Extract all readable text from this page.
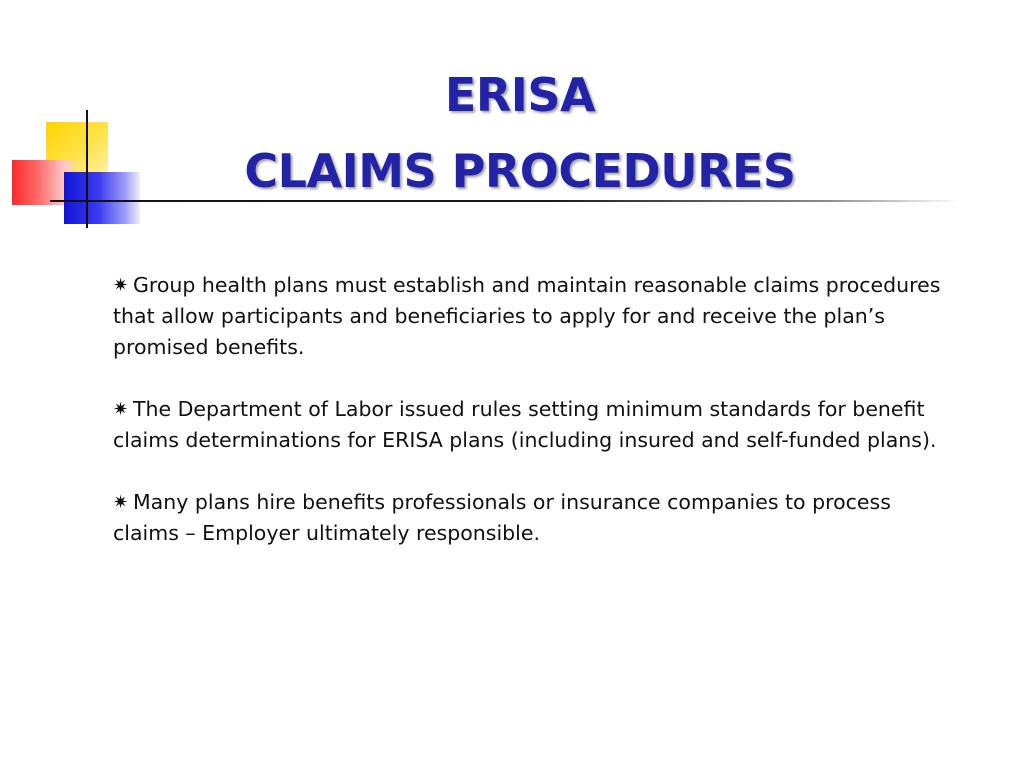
ERISA
CLAIMS PROCEDURES
✷ Group health plans must establish and maintain reasonable claims procedures that allow participants and beneficiaries to apply for and receive the plan’s promised benefits.
✷ The Department of Labor issued rules setting minimum standards for benefit claims determinations for ERISA plans (including insured and self-funded plans).
✷ Many plans hire benefits professionals or insurance companies to process claims – Employer ultimately responsible.
